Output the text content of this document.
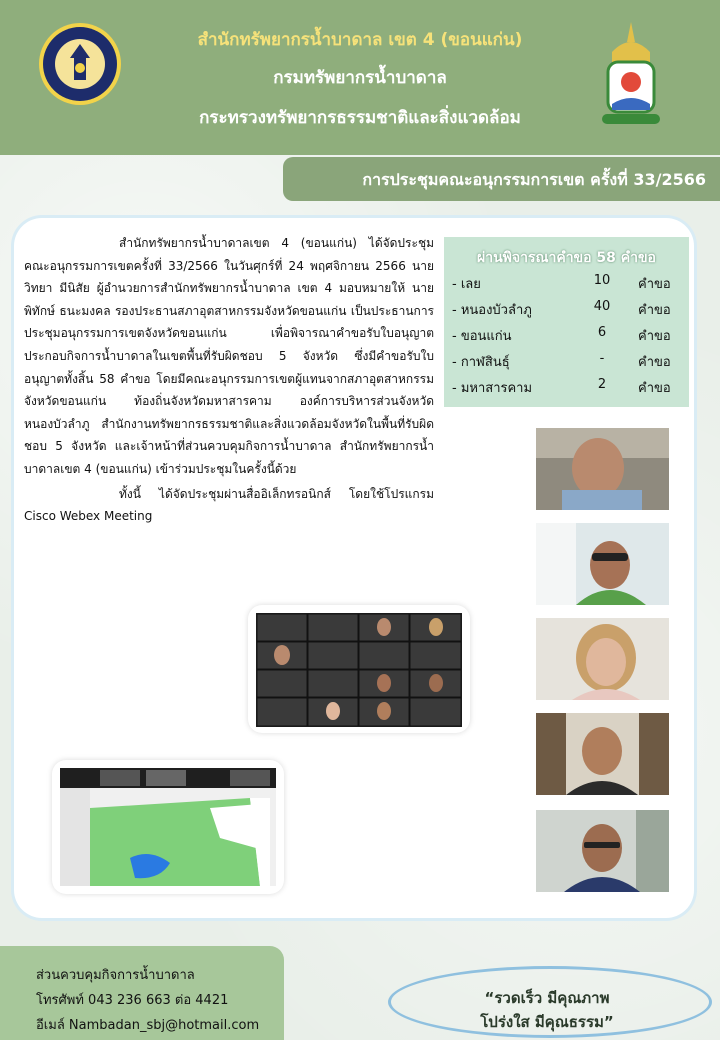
สำนักทรัพยากรน้ำบาดาล เขต 4 (ขอนแก่น)
กรมทรัพยากรน้ำบาดาล
กระทรวงทรัพยากรธรรมชาติและสิ่งแวดล้อม
การประชุมคณะอนุกรรมการเขต ครั้งที่ 33/2566

สำนักทรัพยากรน้ำบาดาลเขต 4 (ขอนแก่น) ได้จัดประชุมคณะอนุกรรมการเขตครั้งที่ 33/2566 ในวันศุกร์ที่ 24 พฤศจิกายน 2566 นายวิทยา มีนิสัย ผู้อำนวยการสำนักทรัพยากรน้ำบาดาล เขต 4 มอบหมายให้ นายพิทักษ์ ธนะมงคล รองประธานสภาอุตสาหกรรมจังหวัดขอนแก่น เป็นประธานการประชุมอนุกรรมการเขตจังหวัดขอนแก่น เพื่อพิจารณาคำขอรับใบอนุญาตประกอบกิจการน้ำบาดาลในเขตพื้นที่รับผิดชอบ 5 จังหวัด ซึ่งมีคำขอรับใบอนุญาตทั้งสิ้น 58 คำขอ โดยมีคณะอนุกรรมการเขตผู้แทนจากสภาอุตสาหกรรมจังหวัดขอนแก่น ท้องถิ่นจังหวัดมหาสารคาม องค์การบริหารส่วนจังหวัดหนองบัวลำภู สำนักงานทรัพยากรธรรมชาติและสิ่งแวดล้อมจังหวัดในพื้นที่รับผิดชอบ 5 จังหวัด และเจ้าหน้าที่ส่วนควบคุมกิจการน้ำบาดาล สำนักทรัพยากรน้ำบาดาลเขต 4 (ขอนแก่น) เข้าร่วมประชุมในครั้งนี้ด้วย

ทั้งนี้ ได้จัดประชุมผ่านสื่ออิเล็กทรอนิกส์ โดยใช้โปรแกรม Cisco Webex Meeting

ผ่านพิจารณาคำขอ 58 คำขอ
- เลย	10	คำขอ
- หนองบัวลำภู	40	คำขอ
- ขอนแก่น	6	คำขอ
- กาฬสินธุ์	-	คำขอ
- มหาสารคาม	2	คำขอ
ส่วนควบคุมกิจการน้ำบาดาล
โทรศัพท์ 043 236 663 ต่อ 4421
อีเมล์ Nambadan_sbj@hotmail.com
“รวดเร็ว มีคุณภาพ
โปร่งใส มีคุณธรรม”
